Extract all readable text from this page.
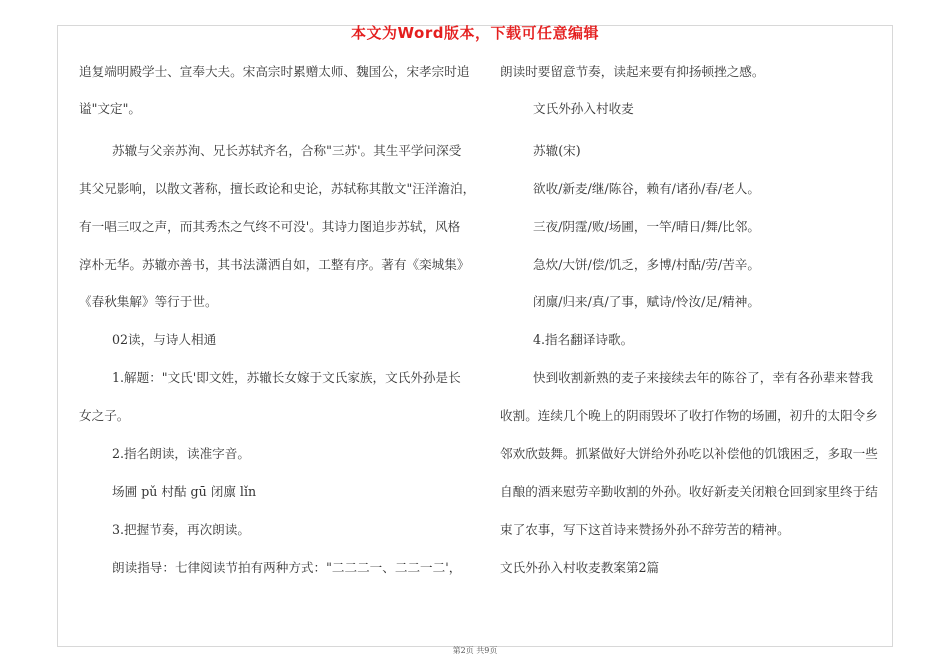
本文为Word版本，下载可任意编辑
追复端明殿学士、宣奉大夫。宋高宗时累赠太师、魏国公，宋孝宗时追
谥"文定"。
苏辙与父亲苏洵、兄长苏轼齐名，合称"三苏'。其生平学问深受
其父兄影响，以散文著称，擅长政论和史论，苏轼称其散文"汪洋澹泊，
有一唱三叹之声，而其秀杰之气终不可没'。其诗力图追步苏轼，风格
淳朴无华。苏辙亦善书，其书法潇洒自如，工整有序。著有《栾城集》
《春秋集解》等行于世。
02读，与诗人相通
1.解题："文氏'即文姓，苏辙长女嫁于文氏家族，文氏外孙是长
女之子。
2.指名朗读，读准字音。
场圃 pǔ 村酤 gū 闭廪 lǐn
3.把握节奏，再次朗读。
朗读指导：七律阅读节拍有两种方式："二二二一、二二一二'，
朗读时要留意节奏，读起来要有抑扬顿挫之感。
文氏外孙入村收麦
苏辙(宋)
欲收/新麦/继/陈谷，赖有/诸孙/春/老人。
三夜/阴霪/败/场圃，一竿/晴日/舞/比邻。
急炊/大饼/偿/饥乏，多博/村酤/劳/苦辛。
闭廪/归来/真/了事，赋诗/怜汝/足/精神。
4.指名翻译诗歌。
快到收割新熟的麦子来接续去年的陈谷了，幸有各孙辈来替我
收割。连续几个晚上的阴雨毁坏了收打作物的场圃，初升的太阳令乡
邻欢欣鼓舞。抓紧做好大饼给外孙吃以补偿他的饥饿困乏，多取一些
自酿的酒来慰劳辛勤收割的外孙。收好新麦关闭粮仓回到家里终于结
束了农事，写下这首诗来赞扬外孙不辞劳苦的精神。
文氏外孙入村收麦教案第2篇
第2页 共9页
